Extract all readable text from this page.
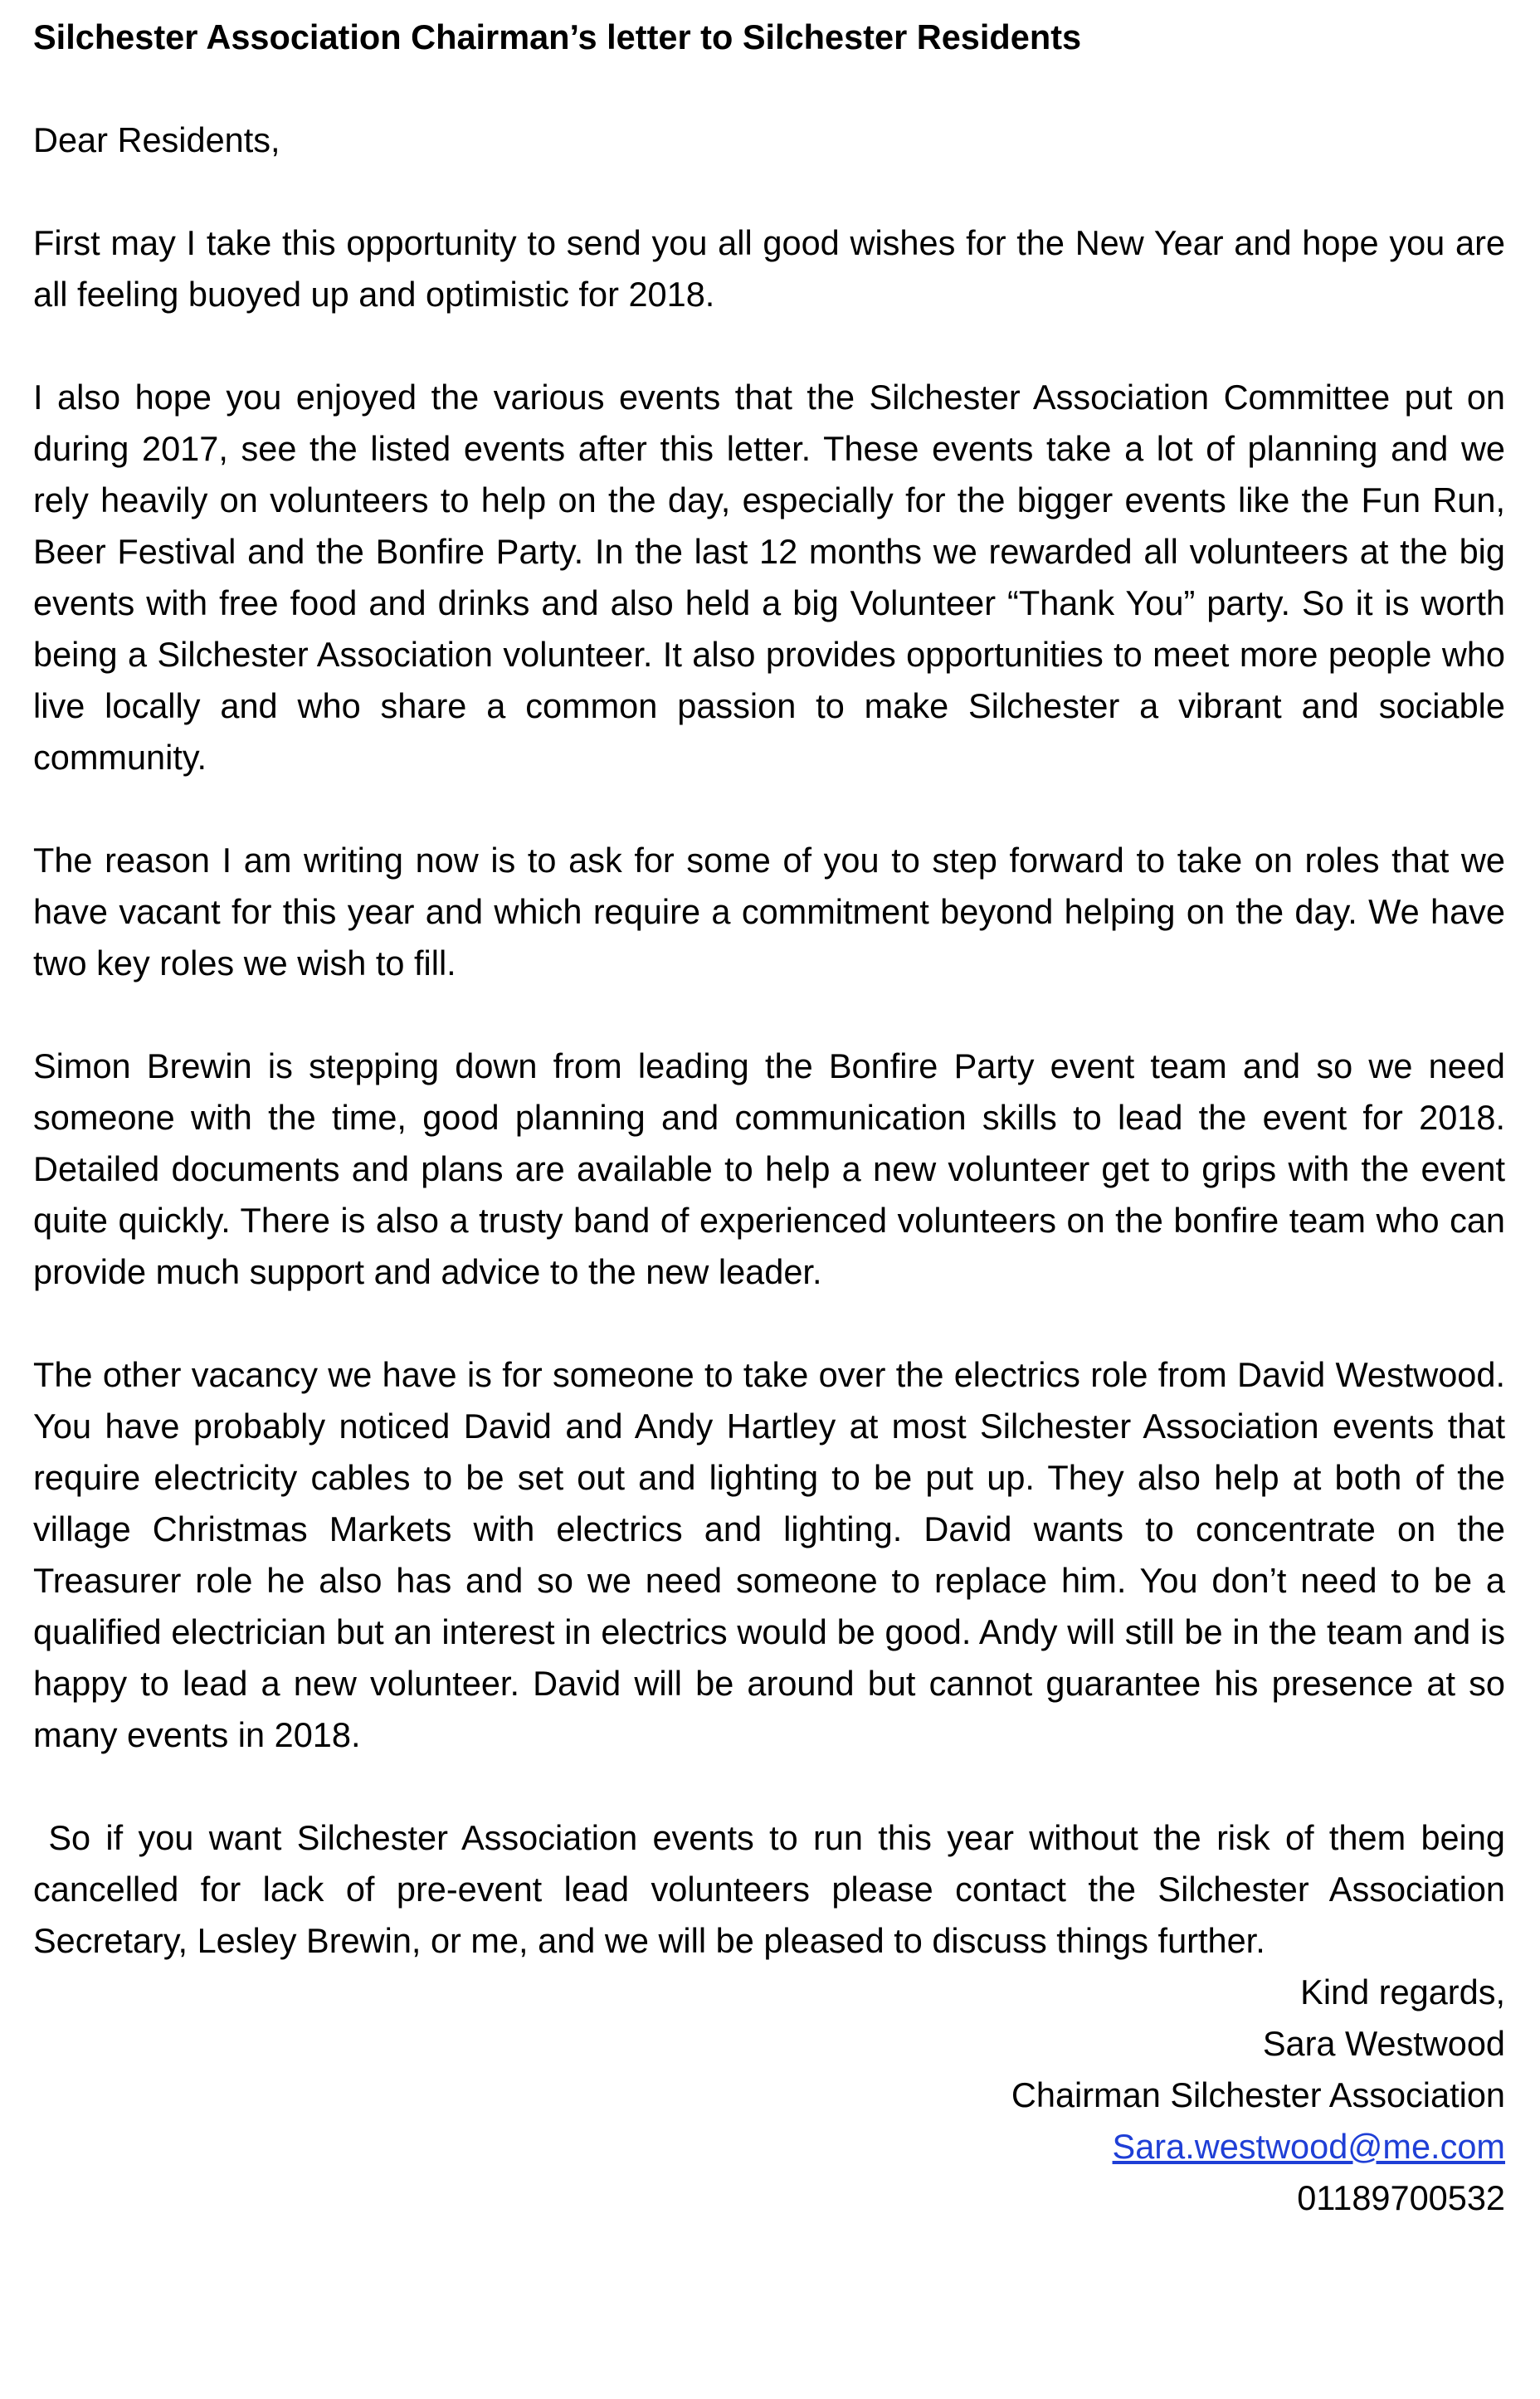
Silchester Association Chairman’s letter to Silchester Residents
Dear Residents,
First may I take this opportunity to send you all good wishes for the New Year and hope you are all feeling buoyed up and optimistic for 2018.
I also hope you enjoyed the various events that the Silchester Association Committee put on during 2017, see the listed events after this letter. These events take a lot of planning and we rely heavily on volunteers to help on the day, especially for the bigger events like the Fun Run, Beer Festival and the Bonfire Party. In the last 12 months we rewarded all volunteers at the big events with free food and drinks and also held a big Volunteer “Thank You” party. So it is worth being a Silchester Association volunteer. It also provides opportunities to meet more people who live locally and who share a common passion to make Silchester a vibrant and sociable community.
The reason I am writing now is to ask for some of you to step forward to take on roles that we have vacant for this year and which require a commitment beyond helping on the day. We have two key roles we wish to fill.
Simon Brewin is stepping down from leading the Bonfire Party event team and so we need someone with the time, good planning and communication skills to lead the event for 2018. Detailed documents and plans are available to help a new volunteer get to grips with the event quite quickly. There is also a trusty band of experienced volunteers on the bonfire team who can provide much support and advice to the new leader.
The other vacancy we have is for someone to take over the electrics role from David Westwood. You have probably noticed David and Andy Hartley at most Silchester Association events that require electricity cables to be set out and lighting to be put up. They also help at both of the village Christmas Markets with electrics and lighting. David wants to concentrate on the Treasurer role he also has and so we need someone to replace him. You don’t need to be a qualified electrician but an interest in electrics would be good. Andy will still be in the team and is happy to lead a new volunteer. David will be around but cannot guarantee his presence at so many events in 2018.
So if you want Silchester Association events to run this year without the risk of them being cancelled for lack of pre-event lead volunteers please contact the Silchester Association Secretary, Lesley Brewin, or me, and we will be pleased to discuss things further.
Kind regards,
Sara Westwood
Chairman Silchester Association
Sara.westwood@me.com
01189700532
